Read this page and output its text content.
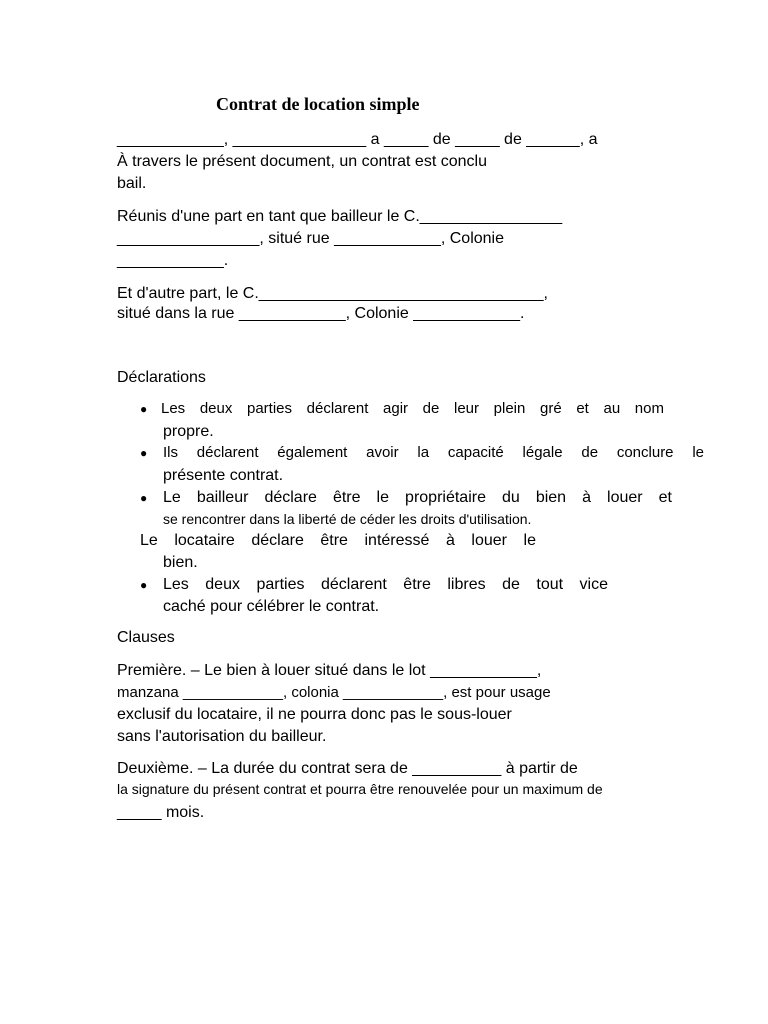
Contrat de location simple
____________, _______________ a _____ de _____ de ______, a
À travers le présent document, un contrat est conclu
bail.
Réunis d'une part en tant que bailleur le C.________________
________________, situé rue ____________, Colonie
____________.
Et d'autre part, le C.________________________________,
situé dans la rue ____________, Colonie ____________.
Déclarations
● Les deux parties déclarent agir de leur plein gré et au nom
propre.
● Ils déclarent également avoir la capacité légale de conclure le
présente contrat.
● Le bailleur déclare être le propriétaire du bien à louer et
se rencontrer dans la liberté de céder les droits d'utilisation.
Le locataire déclare être intéressé à louer le
bien.
● Les deux parties déclarent être libres de tout vice
caché pour célébrer le contrat.
Clauses
Première. – Le bien à louer situé dans le lot ____________,
manzana ____________, colonia ____________, est pour usage
exclusif du locataire, il ne pourra donc pas le sous-louer
sans l'autorisation du bailleur.
Deuxième. – La durée du contrat sera de __________ à partir de
la signature du présent contrat et pourra être renouvelée pour un maximum de
_____ mois.
